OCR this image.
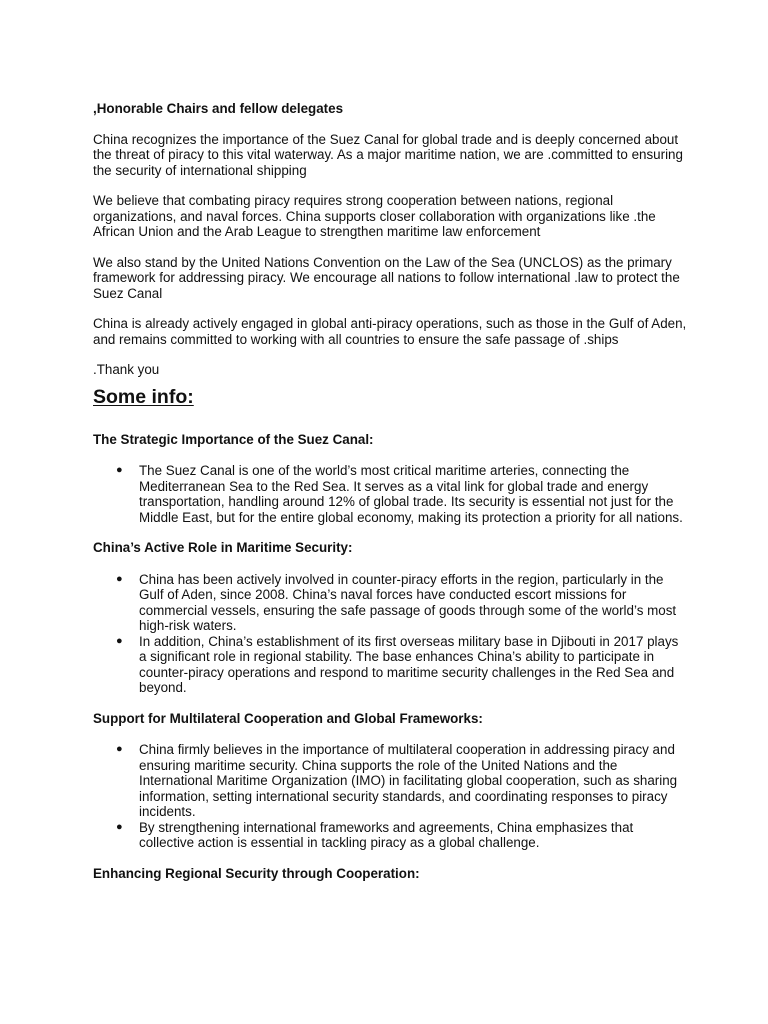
,Honorable Chairs and fellow delegates

China recognizes the importance of the Suez Canal for global trade and is deeply concerned about the threat of piracy to this vital waterway. As a major maritime nation, we are .committed to ensuring the security of international shipping

We believe that combating piracy requires strong cooperation between nations, regional organizations, and naval forces. China supports closer collaboration with organizations like .the African Union and the Arab League to strengthen maritime law enforcement

We also stand by the United Nations Convention on the Law of the Sea (UNCLOS) as the primary framework for addressing piracy. We encourage all nations to follow international .law to protect the Suez Canal

China is already actively engaged in global anti-piracy operations, such as those in the Gulf of Aden, and remains committed to working with all countries to ensure the safe passage of .ships

.Thank you

Some info:

The Strategic Importance of the Suez Canal:

● The Suez Canal is one of the world’s most critical maritime arteries, connecting the Mediterranean Sea to the Red Sea. It serves as a vital link for global trade and energy transportation, handling around 12% of global trade. Its security is essential not just for the Middle East, but for the entire global economy, making its protection a priority for all nations.

China’s Active Role in Maritime Security:

● China has been actively involved in counter-piracy efforts in the region, particularly in the Gulf of Aden, since 2008. China’s naval forces have conducted escort missions for commercial vessels, ensuring the safe passage of goods through some of the world’s most high-risk waters.
● In addition, China’s establishment of its first overseas military base in Djibouti in 2017 plays a significant role in regional stability. The base enhances China’s ability to participate in counter-piracy operations and respond to maritime security challenges in the Red Sea and beyond.

Support for Multilateral Cooperation and Global Frameworks:

● China firmly believes in the importance of multilateral cooperation in addressing piracy and ensuring maritime security. China supports the role of the United Nations and the International Maritime Organization (IMO) in facilitating global cooperation, such as sharing information, setting international security standards, and coordinating responses to piracy incidents.
● By strengthening international frameworks and agreements, China emphasizes that collective action is essential in tackling piracy as a global challenge.

Enhancing Regional Security through Cooperation:
